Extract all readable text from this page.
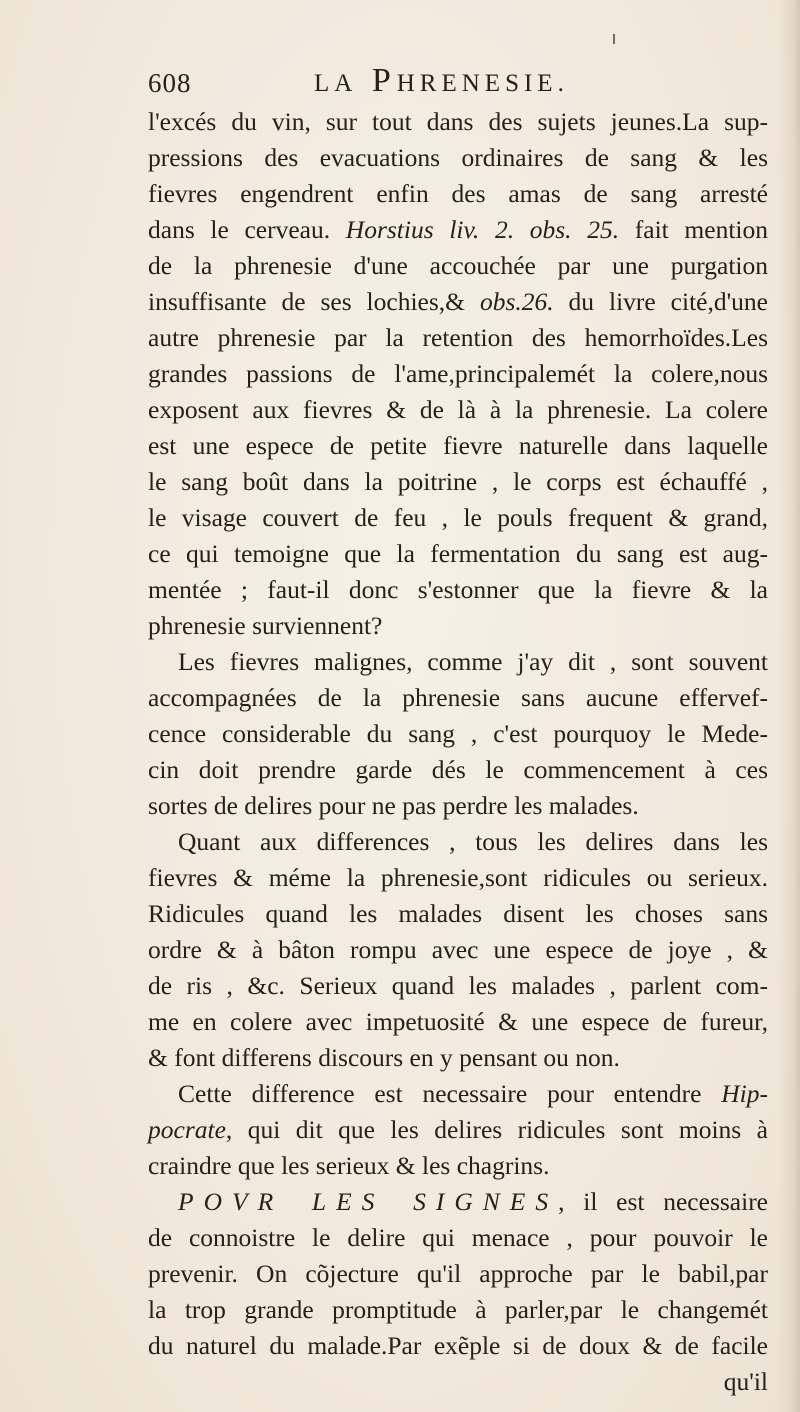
608	LA PHRENESIE.
l'excés du vin, sur tout dans des sujets jeunes.La sup-
pressions des evacuations ordinaires de sang & les
fievres engendrent enfin des amas de sang arresté
dans le cerveau. Horstius liv. 2. obs. 25. fait mention
de la phrenesie d'une accouchée par une purgation
insuffisante de ses lochies,& obs.26. du livre cité,d'une
autre phrenesie par la retention des hemorrhoïdes.Les
grandes passions de l'ame,principalemét la colere,nous
exposent aux fievres & de là à la phrenesie. La colere
est une espece de petite fievre naturelle dans laquelle
le sang boût dans la poitrine , le corps est échauffé ,
le visage couvert de feu , le pouls frequent & grand,
ce qui temoigne que la fermentation du sang est aug-
mentée ; faut-il donc s'estonner que la fievre & la
phrenesie surviennent?
Les fievres malignes, comme j'ay dit , sont souvent
accompagnées de la phrenesie sans aucune effervef-
cence considerable du sang , c'est pourquoy le Mede-
cin doit prendre garde dés le commencement à ces
sortes de delires pour ne pas perdre les malades.
Quant aux differences , tous les delires dans les
fievres & méme la phrenesie,sont ridicules ou serieux.
Ridicules quand les malades disent les choses sans
ordre & à bâton rompu avec une espece de joye , &
de ris , &c. Serieux quand les malades , parlent com-
me en colere avec impetuosité & une espece de fureur,
& font differens discours en y pensant ou non.
Cette difference est necessaire pour entendre Hip-
pocrate, qui dit que les delires ridicules sont moins à
craindre que les serieux & les chagrins.
POVR LES SIGNES, il est necessaire
de connoistre le delire qui menace , pour pouvoir le
prevenir. On cõjecture qu'il approche par le babil,par
la trop grande promptitude à parler,par le changemét
du naturel du malade.Par exẽple si de doux & de facile
qu'il
